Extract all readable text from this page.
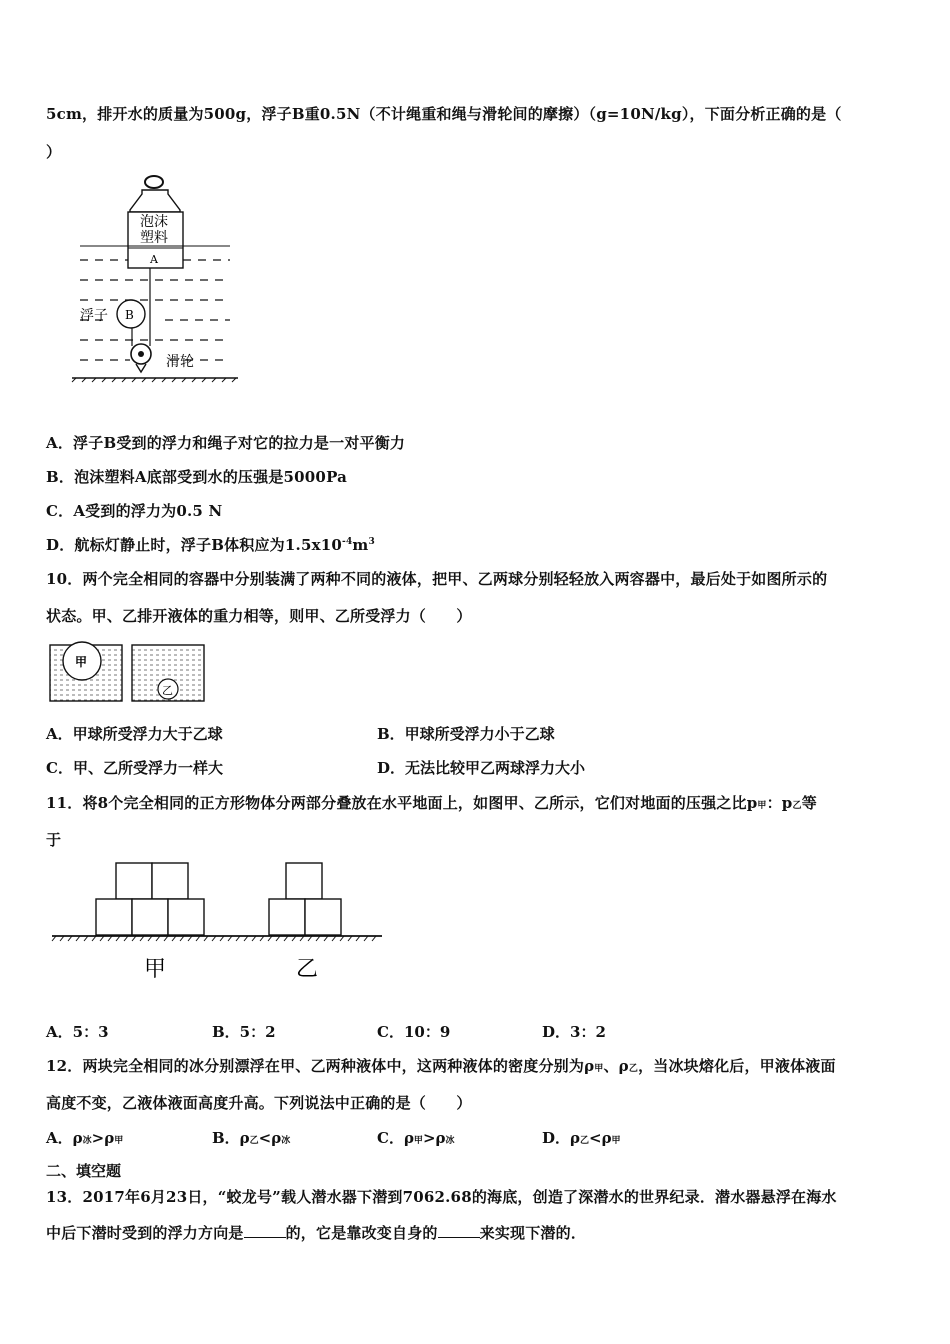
5cm，排开水的质量为500g，浮子B重0.5N（不计绳重和绳与滑轮间的摩擦）（g=10N/kg），下面分析正确的是（
）
泡沫
塑料
A
B
浮子
滑轮
A．浮子B受到的浮力和绳子对它的拉力是一对平衡力
B．泡沫塑料A底部受到水的压强是5000Pa
C．A受到的浮力为0.5 N
D．航标灯静止时，浮子B体积应为$1.5x10^{-4}m^3$
10．两个完全相同的容器中分别装满了两种不同的液体，把甲、乙两球分别轻轻放入两容器中，最后处于如图所示的
状态。甲、乙排开液体的重力相等，则甲、乙所受浮力（　　）
甲
乙
A．甲球所受浮力大于乙球	B．甲球所受浮力小于乙球
C．甲、乙所受浮力一样大	D．无法比较甲乙两球浮力大小
11．将8个完全相同的正方形物体分两部分叠放在水平地面上，如图甲、乙所示，它们对地面的压强之比p甲：p乙等
于
甲	乙
A．5：3	B．5：2	C．10：9	D．3：2
12．两块完全相同的冰分别漂浮在甲、乙两种液体中，这两种液体的密度分别为ρ甲、ρ乙，当冰块熔化后，甲液体液面
高度不变，乙液体液面高度升高。下列说法中正确的是（　　）
A．ρ冰>ρ甲	B．ρ乙<ρ冰	C．ρ甲>ρ冰	D．ρ乙<ρ甲
二、填空题
13．2017年6月23日，“蛟龙号”载人潜水器下潜到7062.68的海底，创造了深潜水的世界纪录．潜水器悬浮在海水
中后下潜时受到的浮力方向是	的，它是靠改变自身的	来实现下潜的．
